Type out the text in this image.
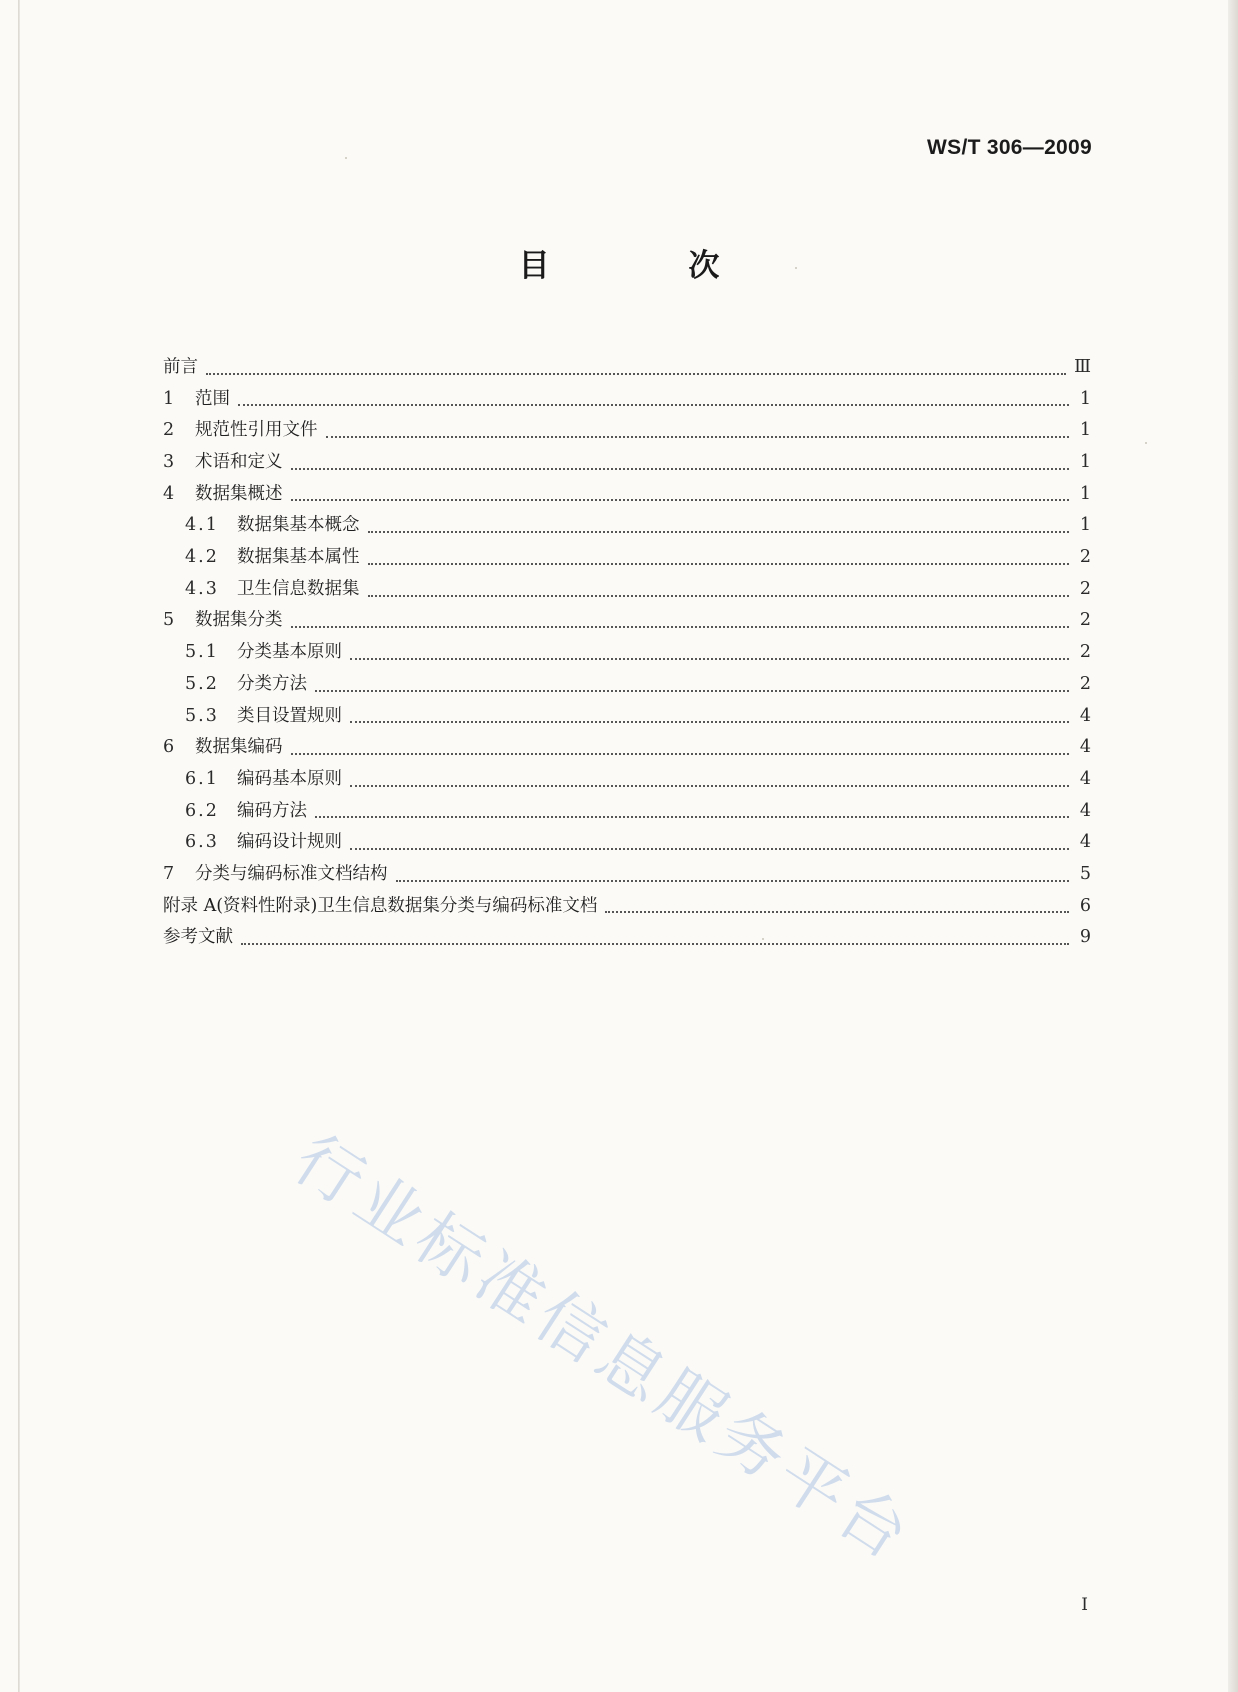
WS/T 306—2009
目 次
前言	Ⅲ
1	范围	1
2	规范性引用文件	1
3	术语和定义	1
4	数据集概述	1
4.1	数据集基本概念	1
4.2	数据集基本属性	2
4.3	卫生信息数据集	2
5	数据集分类	2
5.1	分类基本原则	2
5.2	分类方法	2
5.3	类目设置规则	4
6	数据集编码	4
6.1	编码基本原则	4
6.2	编码方法	4
6.3	编码设计规则	4
7	分类与编码标准文档结构	5
附录 A(资料性附录)卫生信息数据集分类与编码标准文档	6
参考文献	9
行业标准信息服务平台
I
